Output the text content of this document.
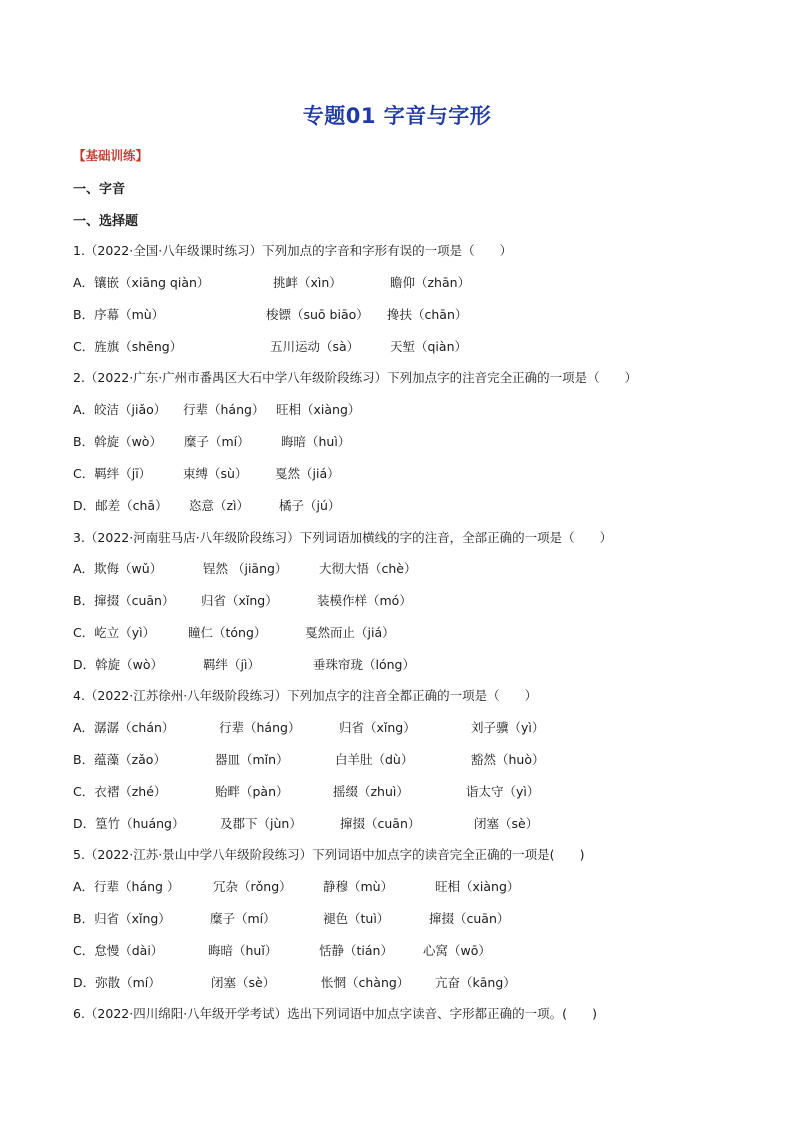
专题01 字音与字形
【基础训练】
一、字音
一、选择题
1.（2022·全国·八年级课时练习）下列加点的字音和字形有误的一项是（　　）
A．镶嵌（xiāng qiàn）	挑衅（xìn）	瞻仰（zhān）
B．序幕（mù）	梭镖（suō biāo） 搀扶（chān）
C．旌旗（shēng）	五川运动（sà） 天堑（qiàn）
2.（2022·广东·广州市番禺区大石中学八年级阶段练习）下列加点字的注音完全正确的一项是（　　）
A．皎洁（jiǎo） 行辈（háng） 旺相（xiàng）
B．斡旋（wò） 糜子（mí）	晦暗（huì）
C．羁绊（jī）	束缚（sù） 戛然（jiá）
D．邮差（chā） 恣意（zì） 橘子（jú）
3.（2022·河南驻马店·八年级阶段练习）下列词语加横线的字的注音，全部正确的一项是（　　）
A．欺侮（wǔ）	锃然 （jiāng）	大彻大悟（chè）
B．撺掇（cuān） 归省（xǐng）	装模作样（mó）
C．屹立（yì）	瞳仁（tóng）	戛然而止（jiá）
D．斡旋（wò）	羁绊（jì）	垂珠帘珑（lóng）
4.（2022·江苏徐州·八年级阶段练习）下列加点字的注音全都正确的一项是（　　）
A．潺潺（chán）	行辈（háng）	归省（xǐng）	刘子骥（yì）
B．蕴藻（zǎo）	器皿（mǐn）	白羊肚（dù）	豁然（huò）
C．衣褶（zhé）	贻畔（pàn）	摇缀（zhuì）	诣太守（yì）
D．篁竹（huáng）	及郡下（jùn）	撺掇（cuān）	闭塞（sè）
5.（2022·江苏·景山中学八年级阶段练习）下列词语中加点字的读音完全正确的一项是(　　)
A．行辈（háng ）	冗杂（rǒng）	静穆（mù）	旺相（xiàng）
B．归省（xǐng）	糜子（mí）	褪色（tuì）	撺掇（cuān）
C．怠慢（dài）	晦暗（huǐ）	恬静（tián） 心窝（wō）
D．弥散（mí）	闭塞（sè）	怅惘（chàng） 亢奋（kāng）
6.（2022·四川绵阳·八年级开学考试）选出下列词语中加点字读音、字形都正确的一项。(　　)
